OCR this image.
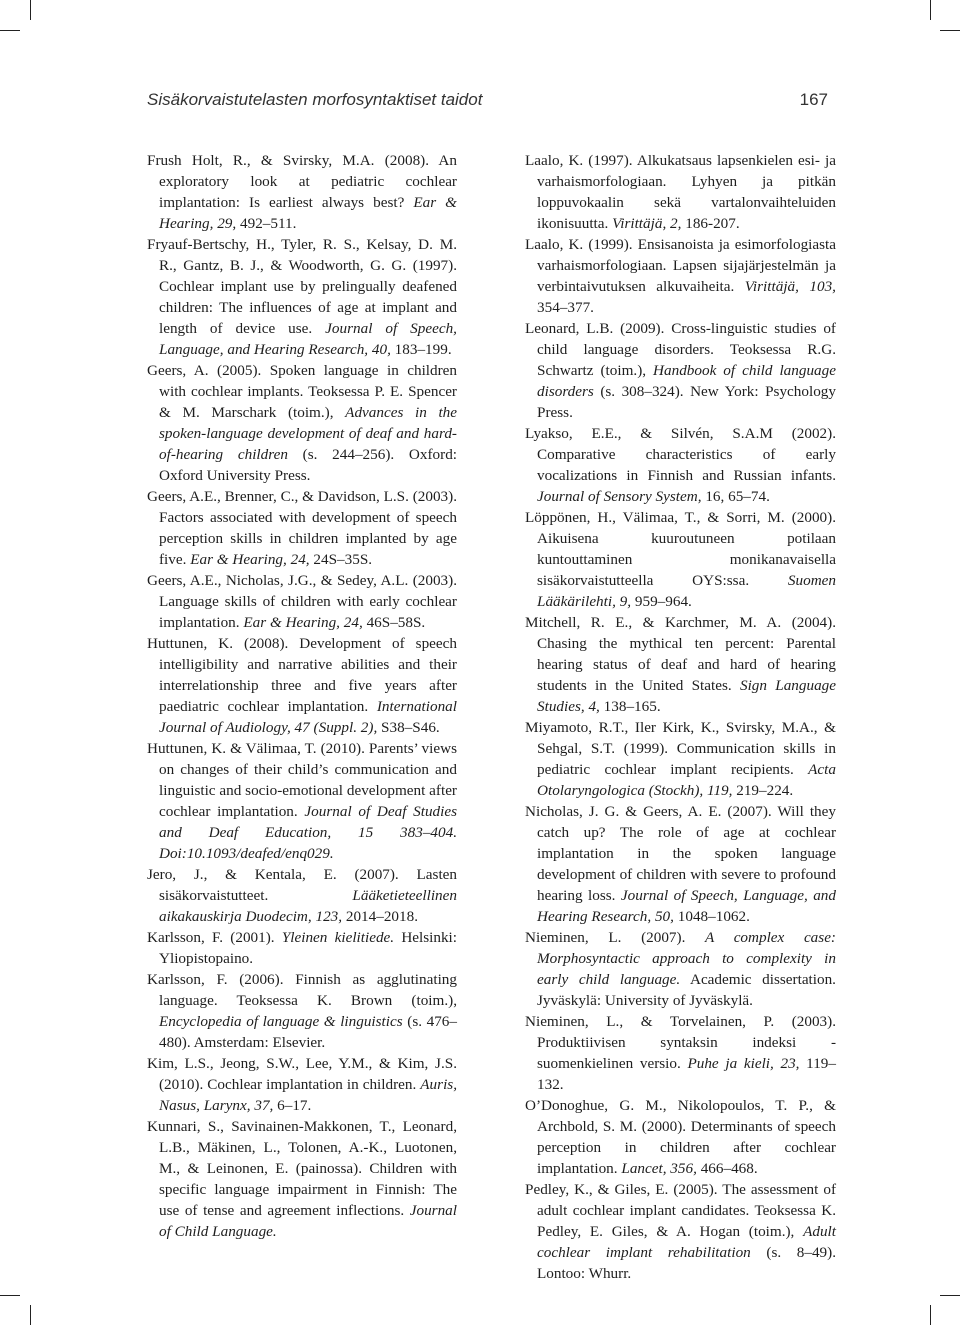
Sisäkorvaistutelasten morfosyntaktiset taidot	167

Frush Holt, R., & Svirsky, M.A. (2008). An exploratory look at pediatric cochlear implantation: Is earliest always best? Ear & Hearing, 29, 492–511.

Fryauf-Bertschy, H., Tyler, R. S., Kelsay, D. M. R., Gantz, B. J., & Woodworth, G. G. (1997). Cochlear implant use by prelingually deafened children: The influences of age at implant and length of device use. Journal of Speech, Language, and Hearing Research, 40, 183–199.

Geers, A. (2005). Spoken language in children with cochlear implants. Teoksessa P. E. Spencer & M. Marschark (toim.), Advances in the spoken-language development of deaf and hard-of-hearing children (s. 244–256). Oxford: Oxford University Press.

Geers, A.E., Brenner, C., & Davidson, L.S. (2003). Factors associated with development of speech perception skills in children implanted by age five. Ear & Hearing, 24, 24S–35S.

Geers, A.E., Nicholas, J.G., & Sedey, A.L. (2003). Language skills of children with early cochlear implantation. Ear & Hearing, 24, 46S–58S.

Huttunen, K. (2008). Development of speech intelligibility and narrative abilities and their interrelationship three and five years after paediatric cochlear implantation. International Journal of Audiology, 47 (Suppl. 2), S38–S46.

Huttunen, K. & Välimaa, T. (2010). Parents’ views on changes of their child’s communication and linguistic and socio-emotional development after cochlear implantation. Journal of Deaf Studies and Deaf Education, 15 383–404. Doi:10.1093/deafed/enq029.

Jero, J., & Kentala, E. (2007). Lasten sisäkorvaistutteet. Lääketieteellinen aikakauskirja Duodecim, 123, 2014–2018.

Karlsson, F. (2001). Yleinen kielitiede. Helsinki: Yliopistopaino.

Karlsson, F. (2006). Finnish as agglutinating language. Teoksessa K. Brown (toim.), Encyclopedia of language & linguistics (s. 476–480). Amsterdam: Elsevier.

Kim, L.S., Jeong, S.W., Lee, Y.M., & Kim, J.S. (2010). Cochlear implantation in children. Auris, Nasus, Larynx, 37, 6–17.

Kunnari, S., Savinainen-Makkonen, T., Leonard, L.B., Mäkinen, L., Tolonen, A.-K., Luotonen, M., & Leinonen, E. (painossa). Children with specific language impairment in Finnish: The use of tense and agreement inflections. Journal of Child Language.

Laalo, K. (1997). Alkukatsaus lapsenkielen esi- ja varhaismorfologiaan. Lyhyen ja pitkän loppuvokaalin sekä vartalonvaihteluiden ikonisuutta. Virittäjä, 2, 186-207.

Laalo, K. (1999). Ensisanoista ja esimorfologiasta varhaismorfologiaan. Lapsen sijajärjestelmän ja verbintaivutuksen alkuvaiheita. Virittäjä, 103, 354–377.

Leonard, L.B. (2009). Cross-linguistic studies of child language disorders. Teoksessa R.G. Schwartz (toim.), Handbook of child language disorders (s. 308–324). New York: Psychology Press.

Lyakso, E.E., & Silvén, S.A.M (2002). Comparative characteristics of early vocalizations in Finnish and Russian infants. Journal of Sensory System, 16, 65–74.

Löppönen, H., Välimaa, T., & Sorri, M. (2000). Aikuisena kuuroutuneen potilaan kuntouttaminen monikanavaisella sisäkorvaistutteella OYS:ssa. Suomen Lääkärilehti, 9, 959–964.

Mitchell, R. E., & Karchmer, M. A. (2004). Chasing the mythical ten percent: Parental hearing status of deaf and hard of hearing students in the United States. Sign Language Studies, 4, 138–165.

Miyamoto, R.T., Iler Kirk, K., Svirsky, M.A., & Sehgal, S.T. (1999). Communication skills in pediatric cochlear implant recipients. Acta Otolaryngologica (Stockh), 119, 219–224.

Nicholas, J. G. & Geers, A. E. (2007). Will they catch up? The role of age at cochlear implantation in the spoken language development of children with severe to profound hearing loss. Journal of Speech, Language, and Hearing Research, 50, 1048–1062.

Nieminen, L. (2007). A complex case: Morphosyntactic approach to complexity in early child language. Academic dissertation. Jyväskylä: University of Jyväskylä.

Nieminen, L., & Torvelainen, P. (2003). Produktiivisen syntaksin indeksi - suomenkielinen versio. Puhe ja kieli, 23, 119–132.

O’Donoghue, G. M., Nikolopoulos, T. P., & Archbold, S. M. (2000). Determinants of speech perception in children after cochlear implantation. Lancet, 356, 466–468.

Pedley, K., & Giles, E. (2005). The assessment of adult cochlear implant candidates. Teoksessa K. Pedley, E. Giles, & A. Hogan (toim.), Adult cochlear implant rehabilitation (s. 8–49). Lontoo: Whurr.
